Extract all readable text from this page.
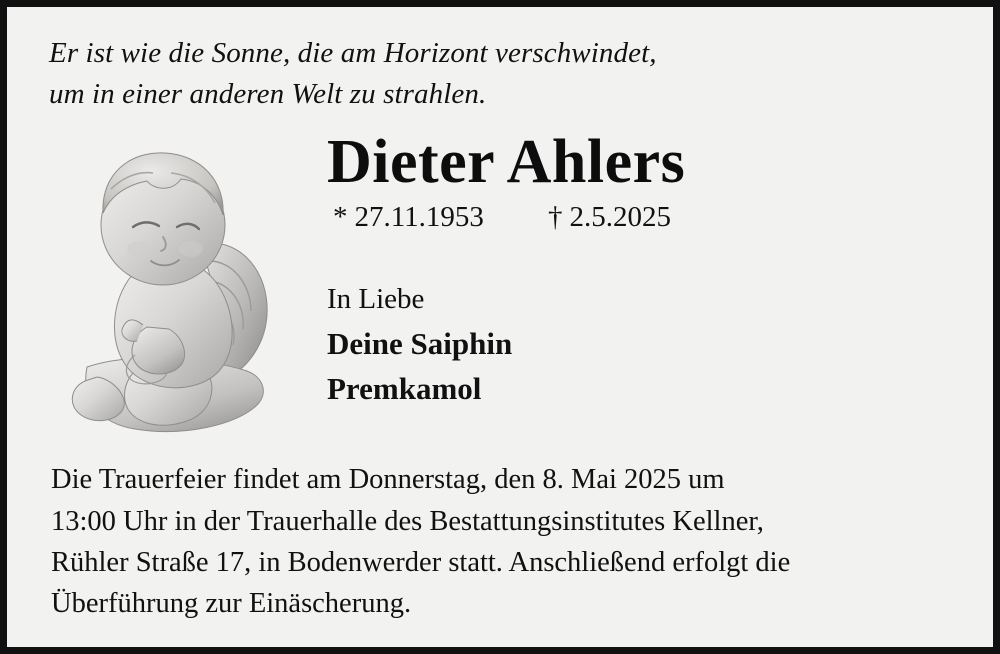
Er ist wie die Sonne, die am Horizont verschwindet,
um in einer anderen Welt zu strahlen.
Dieter Ahlers
* 27.11.1953 † 2.5.2025

In Liebe

Deine Saiphin

Premkamol

Die Trauerfeier findet am Donnerstag, den 8. Mai 2025 um
13:00 Uhr in der Trauerhalle des Bestattungsinstitutes Kellner,
Rühler Straße 17, in Bodenwerder statt. Anschließend erfolgt die
Überführung zur Einäscherung.
